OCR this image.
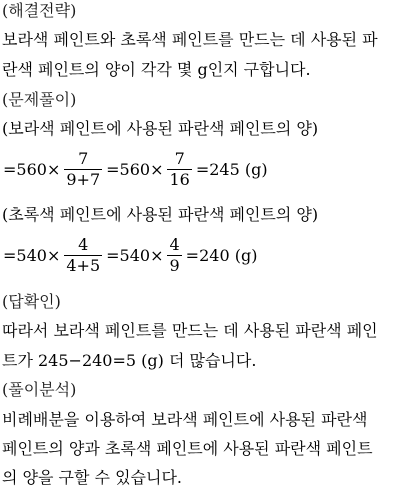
(해결전략)
보라색 페인트와 초록색 페인트를 만드는 데 사용된 파
란색 페인트의 양이 각각 몇 g인지 구합니다.
(문제풀이)
(보라색 페인트에 사용된 파란색 페인트의 양)
$=560\times \frac{7}{9+7} =560\times \frac{7}{16} =245$ (g)
(초록색 페인트에 사용된 파란색 페인트의 양)
$=540\times \frac{4}{4+5} =540\times \frac{4}{9} =240$ (g)
(답확인)
따라서 보라색 페인트를 만드는 데 사용된 파란색 페인
트가 245−240=5 (g) 더 많습니다.
(풀이분석)
비례배분을 이용하여 보라색 페인트에 사용된 파란색
페인트의 양과 초록색 페인트에 사용된 파란색 페인트
의 양을 구할 수 있습니다.
